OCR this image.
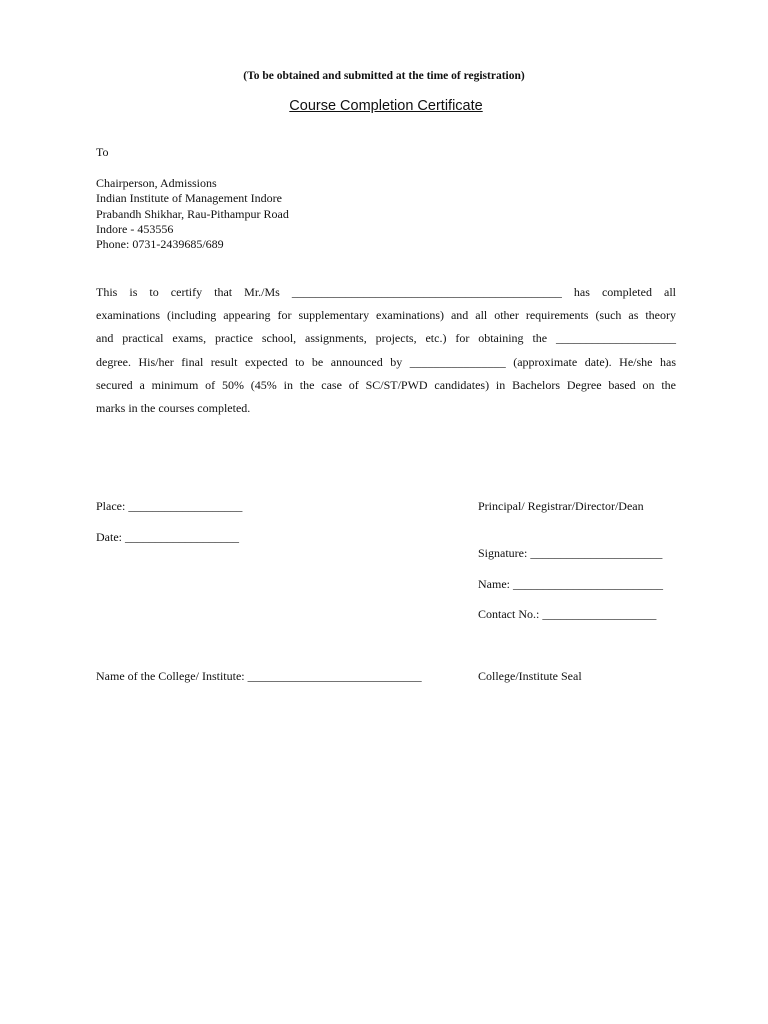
(To be obtained and submitted at the time of registration)
Course Completion Certificate
To
Chairperson, Admissions
Indian Institute of Management Indore
Prabandh Shikhar, Rau-Pithampur Road
Indore - 453556
Phone: 0731-2439685/689
This is to certify that Mr./Ms _____________________________________________ has completed all
examinations (including appearing for supplementary examinations) and all other requirements (such as theory
and practical exams, practice school, assignments, projects, etc.) for obtaining the ____________________
degree. His/her final result expected to be announced by ________________ (approximate date). He/she has
secured a minimum of 50% (45% in the case of SC/ST/PWD candidates) in Bachelors Degree based on the
marks in the courses completed.
Place: ___________________
Date: ___________________
Principal/ Registrar/Director/Dean
Signature: ______________________
Name: _________________________
Contact No.: ___________________
Name of the College/ Institute: _____________________________	College/Institute Seal
